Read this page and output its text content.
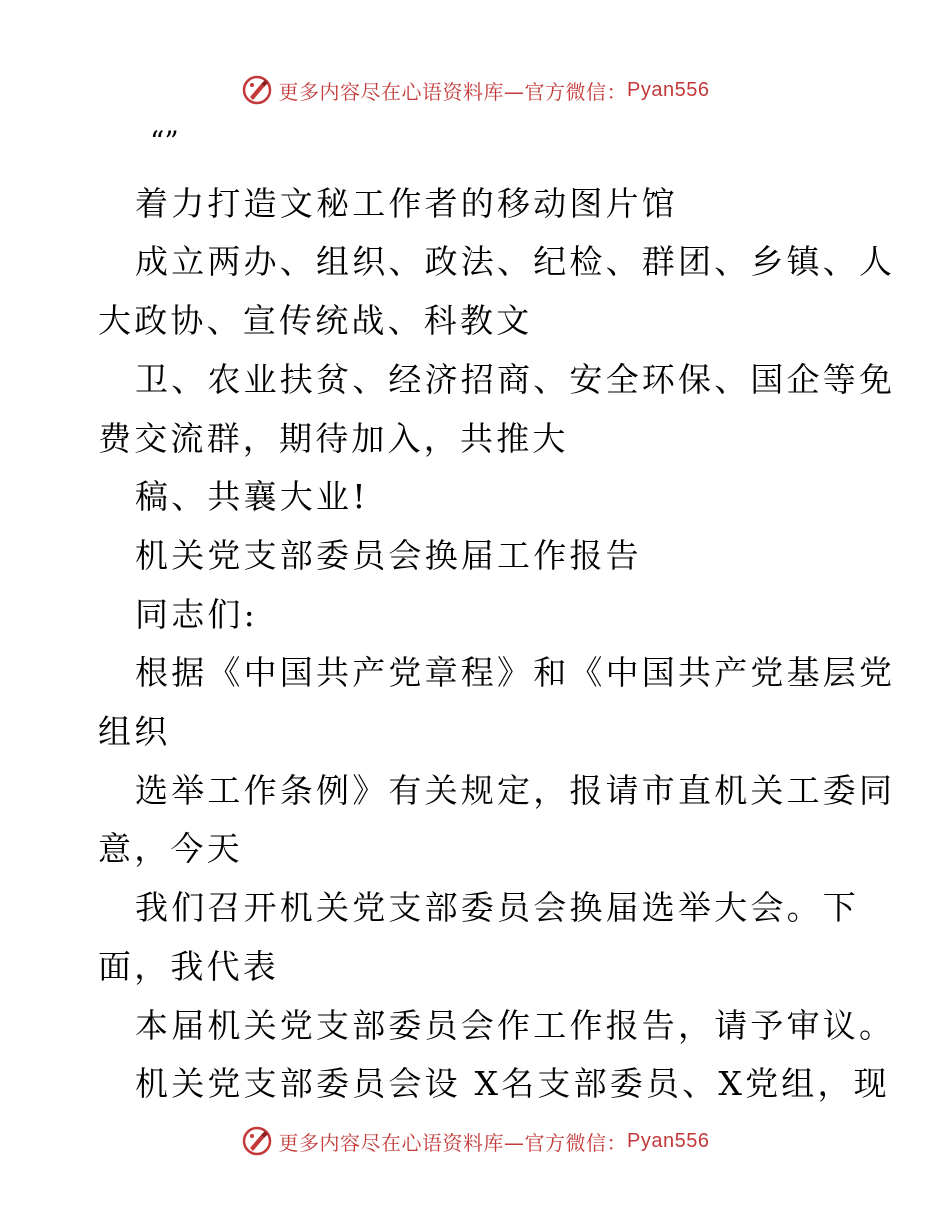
更多内容尽在心语资料库 —官方微信： Pyan556
“”
着力打造文秘工作者的移动图片馆
成立两办、组织、政法、纪检、群团、乡镇、人
大政协、宣传统战、科教文
卫、农业扶贫、经济招商、安全环保、国企等免
费交流群，期待加入，共推大
稿、共襄大业!
机关党支部委员会换届工作报告
同志们:
根据《中国共产党章程》和《中国共产党基层党
组织
选举工作条例》有关规定，报请市直机关工委同
意，今天
我们召开机关党支部委员会换届选举大会。下
面，我代表
本届机关党支部委员会作工作报告，请予审议。
机关党支部委员会设 X名支部委员、X党组，现
更多内容尽在心语资料库 —官方微信： Pyan556
